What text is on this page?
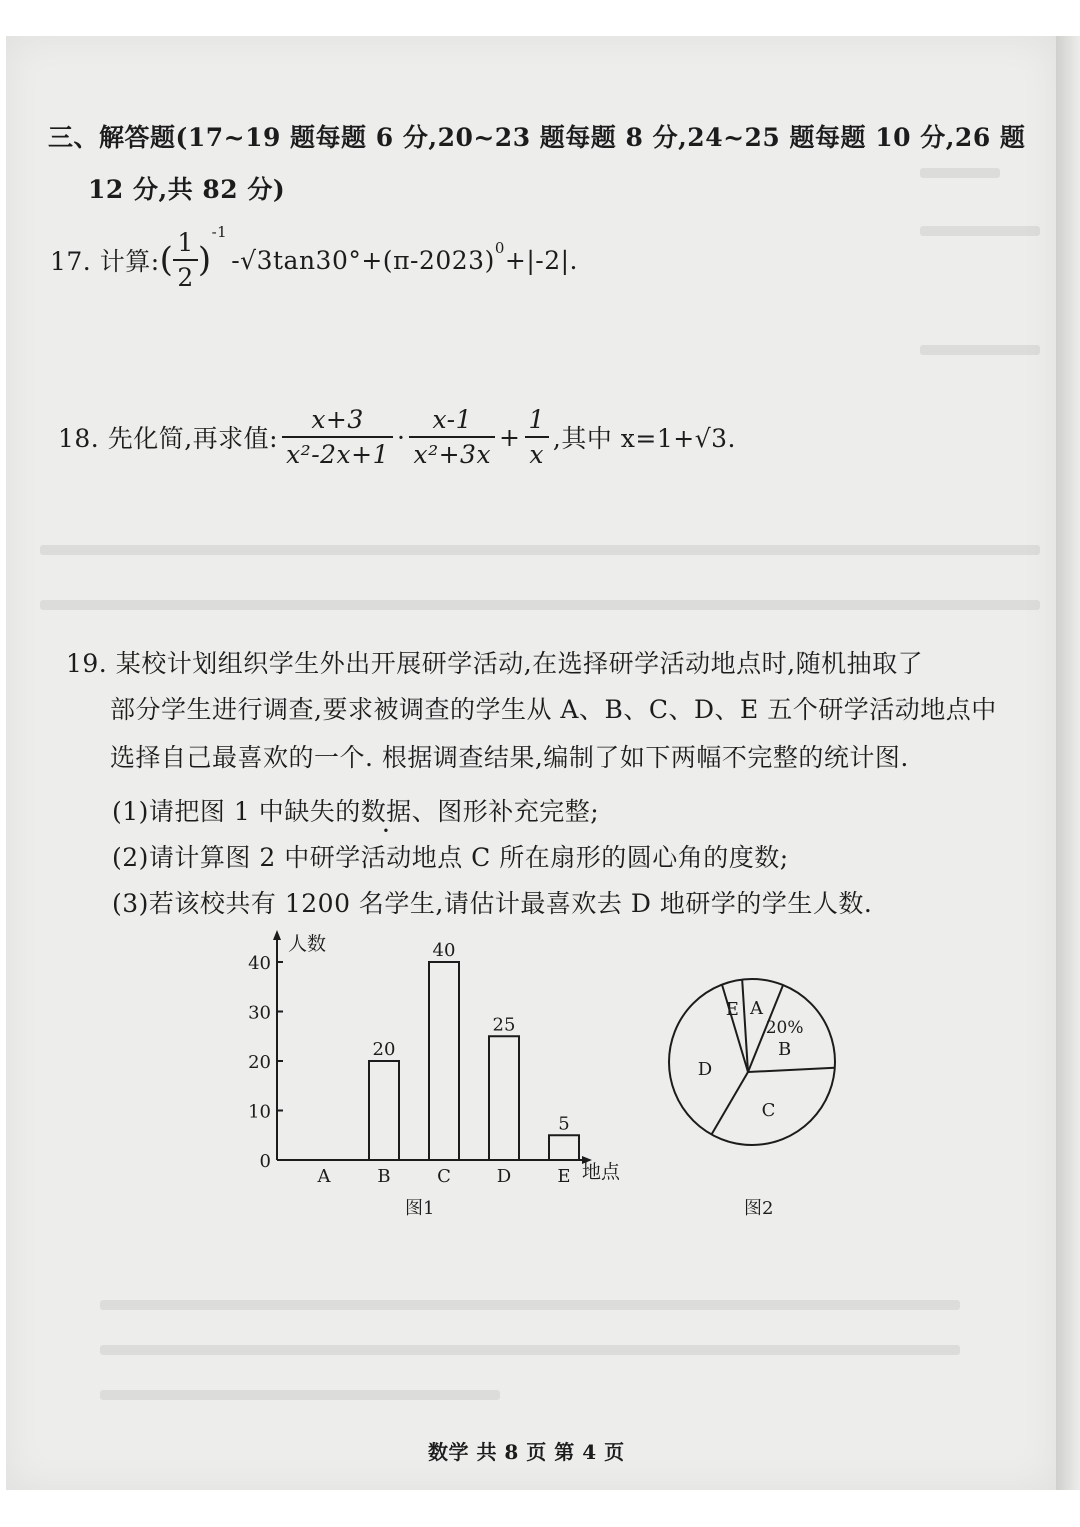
三、解答题(17~19 题每题 6 分,20~23 题每题 8 分,24~25 题每题 10 分,26 题
12 分,共 82 分)
17. 计算: ( $\frac{1}{2}$ )
-1
-√3 tan30°+(π-2023) 0 +|-2|.
18. 先化简,再求值: $\frac{x+3}{\text{x²-2x+1}} \cdot \frac{x-1}{\text{x²+3x}} + \frac{1}{x}$ ,其中 x=1+√3.
19. 某校计划组织学生外出开展研学活动,在选择研学活动地点时,随机抽取了
部分学生进行调查,要求被调查的学生从 A、B、C、D、E 五个研学活动地点中
选择自己最喜欢的一个. 根据调查结果,编制了如下两幅不完整的统计图.
(1)请把图 1 中缺失的数据、图形补充完整;
(2)请计算图 2 中研学活动地点 C 所在扇形的圆心角的度数;
(3)若该校共有 1200 名学生,请估计最喜欢去 D 地研学的学生人数.
人数
地点
图1
0
10
20
30
40
A
20
B
40
C
25
D
5
E
B
20%
C
D
E A
图2
数学 共 8 页 第 4 页
